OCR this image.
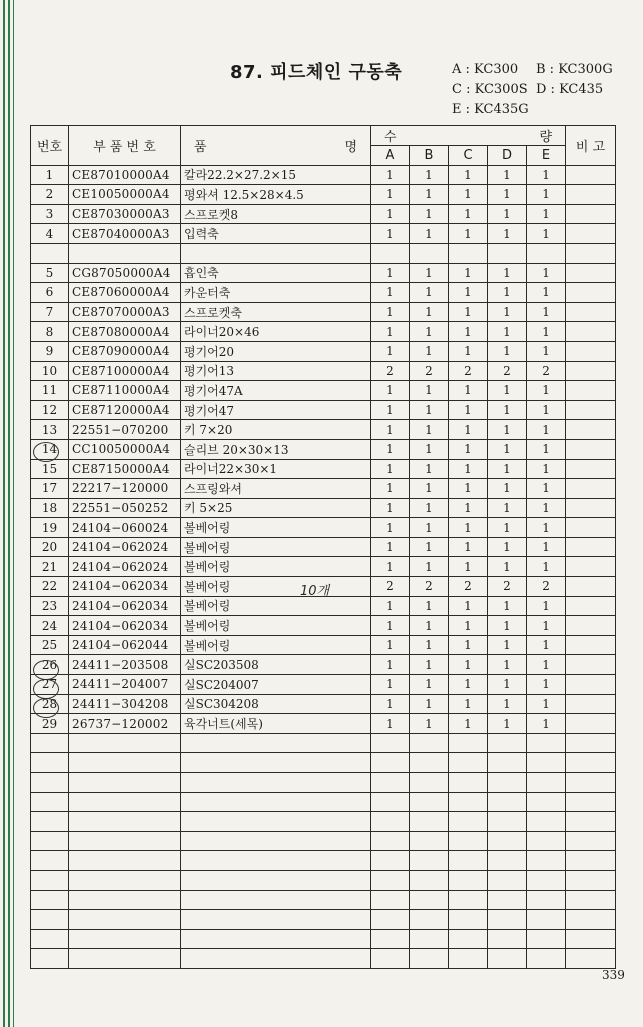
87. 피드체인 구동축	A : KC300 B : KC300G
C : KC300S D : KC435
E : KC435G
번호	부 품 번 호	품 명	수 량					비 고
			A	B	C	D	E	
1	CE87010000A4	칼라22.2×27.2×15	1	1	1	1	1	
2	CE10050000A4	평와셔 12.5×28×4.5	1	1	1	1	1	
3	CE87030000A3	스프로켓8	1	1	1	1	1	
4	CE87040000A3	입력축	1	1	1	1	1	

5	CG87050000A4	흡인축	1	1	1	1	1	
6	CE87060000A4	카운터축	1	1	1	1	1	
7	CE87070000A3	스프로켓축	1	1	1	1	1	
8	CE87080000A4	라이너20×46	1	1	1	1	1	
9	CE87090000A4	평기어20	1	1	1	1	1	
10	CE87100000A4	평기어13	2	2	2	2	2	
11	CE87110000A4	평기어47A	1	1	1	1	1	
12	CE87120000A4	평기어47	1	1	1	1	1	
13	22551−070200	키 7×20	1	1	1	1	1	
14	CC10050000A4	슬리브 20×30×13	1	1	1	1	1	
15	CE87150000A4	라이너22×30×1	1	1	1	1	1	
17	22217−120000	스프링와셔	1	1	1	1	1	
18	22551−050252	키 5×25	1	1	1	1	1	
19	24104−060024	볼베어링	1	1	1	1	1	
20	24104−062024	볼베어링	1	1	1	1	1	
21	24104−062024	볼베어링	1	1	1	1	1	
22	24104−062034	볼베어링	2	2	2	2	2	
23	24104−062034	볼베어링	1	1	1	1	1	
24	24104−062034	볼베어링	1	1	1	1	1	
25	24104−062044	볼베어링	1	1	1	1	1	
26	24411−203508	실SC203508	1	1	1	1	1	
27	24411−204007	실SC204007	1	1	1	1	1	
28	24411−304208	실SC304208	1	1	1	1	1	
29	26737−120002	육각너트(세목)	1	1	1	1	1	

10개
339
